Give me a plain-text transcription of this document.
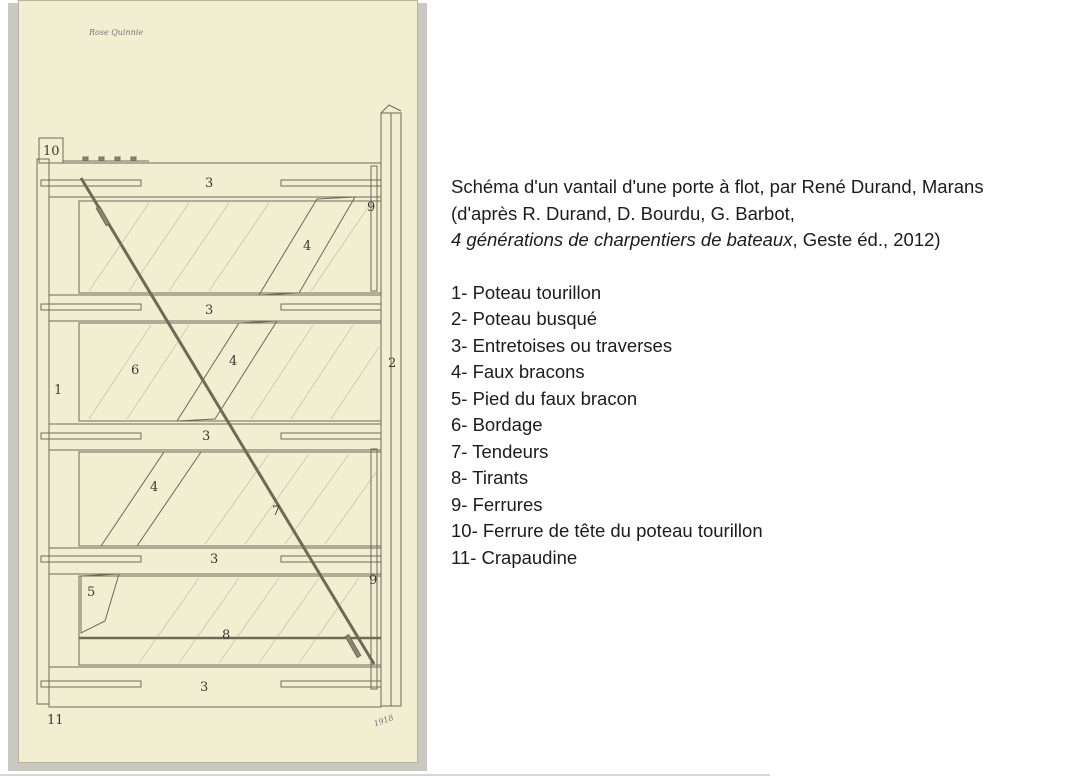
10
1
2
3
3
3
3
3
4
4
4
5
6
7
8
9
9
11
Rose Quinnie
1918

Schéma d'un vantail d'une porte à flot, par René Durand, Marans

(d'après R. Durand, D. Bourdu, G. Barbot,

4 générations de charpentiers de bateaux, Geste éd., 2012)

1- Poteau tourillon
2- Poteau busqué
3- Entretoises ou traverses
4- Faux bracons
5- Pied du faux bracon
6- Bordage
7- Tendeurs
8- Tirants
9- Ferrures
10- Ferrure de tête du poteau tourillon
11- Crapaudine
